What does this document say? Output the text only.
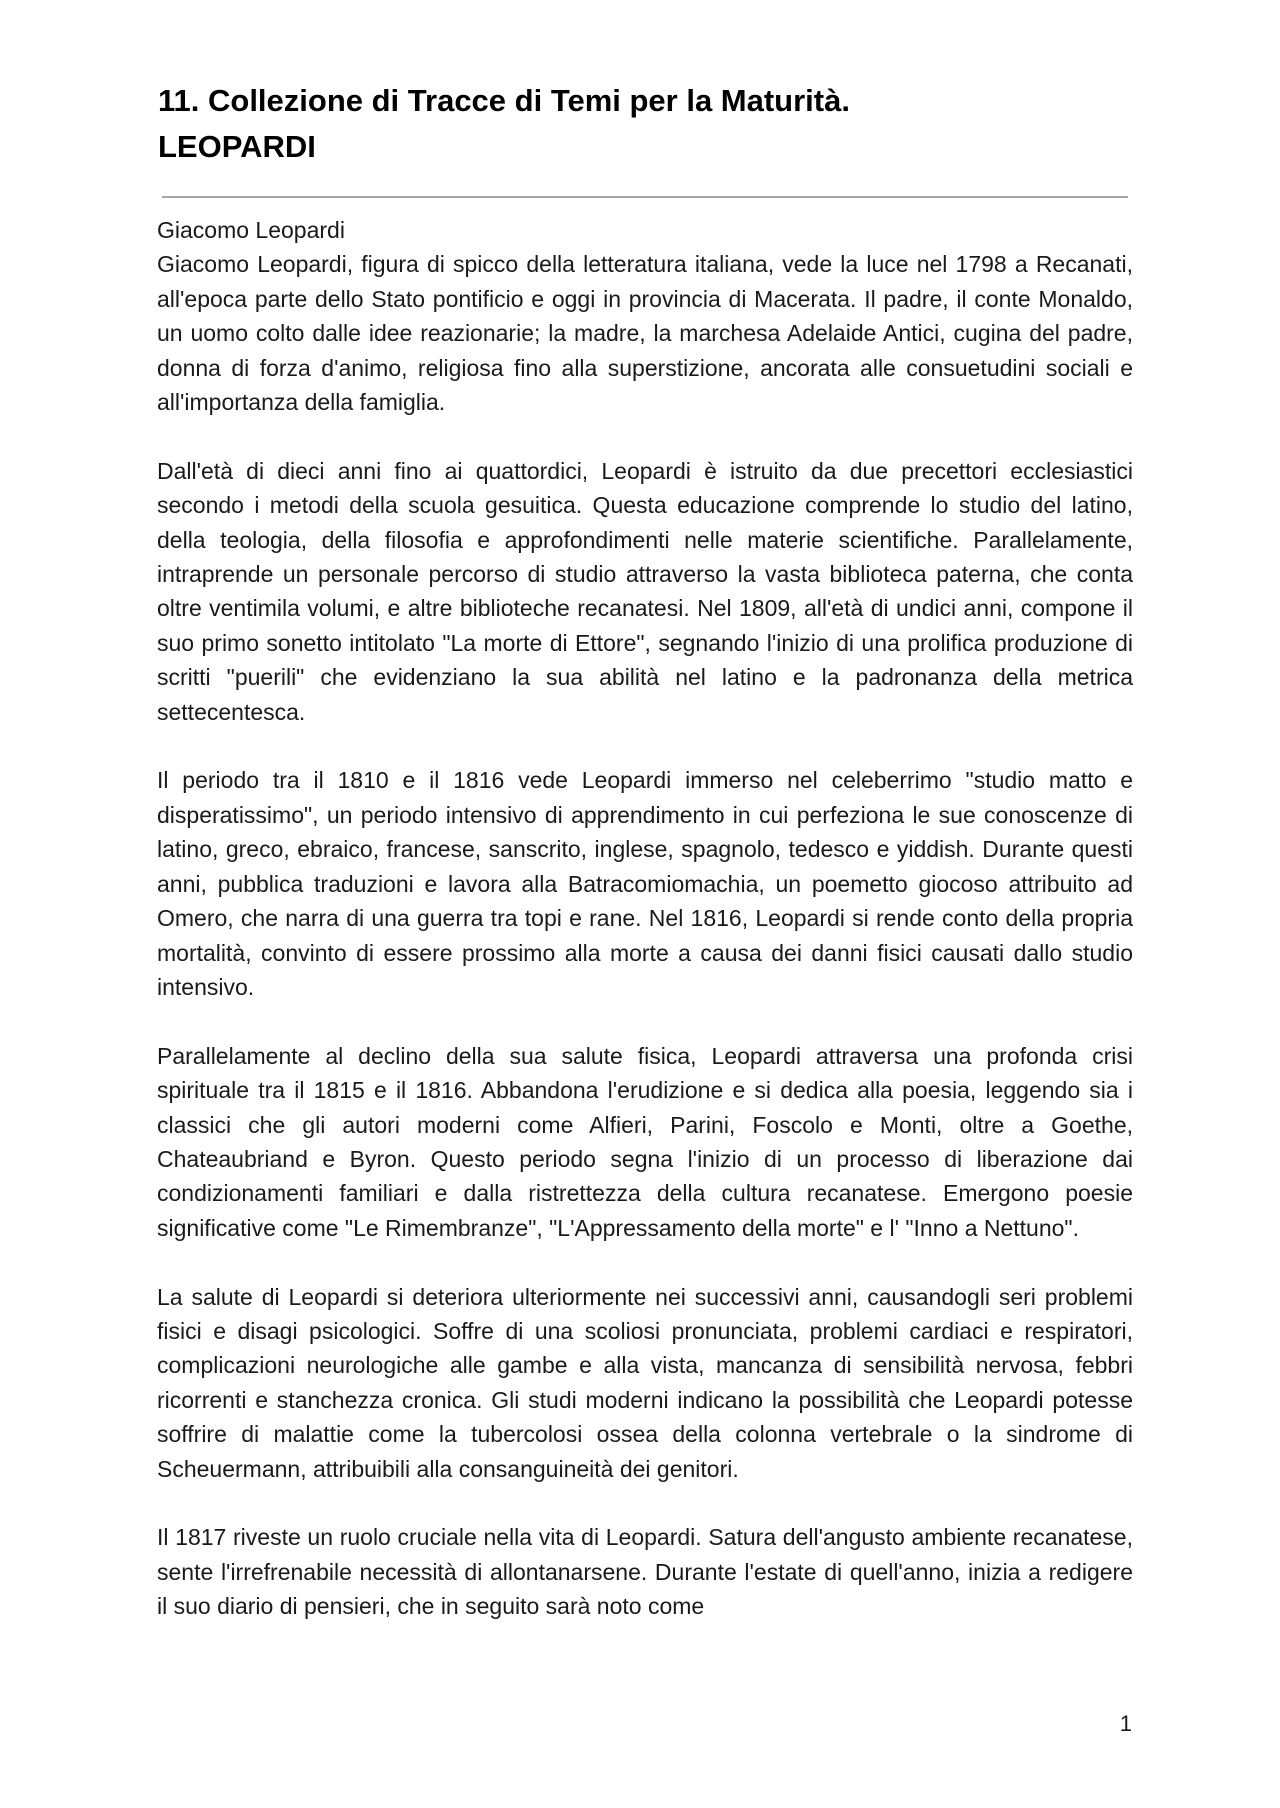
11. Collezione di Tracce di Temi per la Maturità.
LEOPARDI

Giacomo Leopardi

Giacomo Leopardi, figura di spicco della letteratura italiana, vede la luce nel 1798 a Recanati, all'epoca parte dello Stato pontificio e oggi in provincia di Macerata. Il padre, il conte Monaldo, un uomo colto dalle idee reazionarie; la madre, la marchesa Adelaide Antici, cugina del padre, donna di forza d'animo, religiosa fino alla superstizione, ancorata alle consuetudini sociali e all'importanza della famiglia.

Dall'età di dieci anni fino ai quattordici, Leopardi è istruito da due precettori ecclesiastici secondo i metodi della scuola gesuitica. Questa educazione comprende lo studio del latino, della teologia, della filosofia e approfondimenti nelle materie scientifiche. Parallelamente, intraprende un personale percorso di studio attraverso la vasta biblioteca paterna, che conta oltre ventimila volumi, e altre biblioteche recanatesi. Nel 1809, all'età di undici anni, compone il suo primo sonetto intitolato "La morte di Ettore", segnando l'inizio di una prolifica produzione di scritti "puerili" che evidenziano la sua abilità nel latino e la padronanza della metrica settecentesca.

Il periodo tra il 1810 e il 1816 vede Leopardi immerso nel celeberrimo "studio matto e disperatissimo", un periodo intensivo di apprendimento in cui perfeziona le sue conoscenze di latino, greco, ebraico, francese, sanscrito, inglese, spagnolo, tedesco e yiddish. Durante questi anni, pubblica traduzioni e lavora alla Batracomiomachia, un poemetto giocoso attribuito ad Omero, che narra di una guerra tra topi e rane. Nel 1816, Leopardi si rende conto della propria mortalità, convinto di essere prossimo alla morte a causa dei danni fisici causati dallo studio intensivo.

Parallelamente al declino della sua salute fisica, Leopardi attraversa una profonda crisi spirituale tra il 1815 e il 1816. Abbandona l'erudizione e si dedica alla poesia, leggendo sia i classici che gli autori moderni come Alfieri, Parini, Foscolo e Monti, oltre a Goethe, Chateaubriand e Byron. Questo periodo segna l'inizio di un processo di liberazione dai condizionamenti familiari e dalla ristrettezza della cultura recanatese. Emergono poesie significative come "Le Rimembranze", "L'Appressamento della morte" e l' "Inno a Nettuno".

La salute di Leopardi si deteriora ulteriormente nei successivi anni, causandogli seri problemi fisici e disagi psicologici. Soffre di una scoliosi pronunciata, problemi cardiaci e respiratori, complicazioni neurologiche alle gambe e alla vista, mancanza di sensibilità nervosa, febbri ricorrenti e stanchezza cronica. Gli studi moderni indicano la possibilità che Leopardi potesse soffrire di malattie come la tubercolosi ossea della colonna vertebrale o la sindrome di Scheuermann, attribuibili alla consanguineità dei genitori.

Il 1817 riveste un ruolo cruciale nella vita di Leopardi. Satura dell'angusto ambiente recanatese, sente l'irrefrenabile necessità di allontanarsene. Durante l'estate di quell'anno, inizia a redigere il suo diario di pensieri, che in seguito sarà noto come

1
